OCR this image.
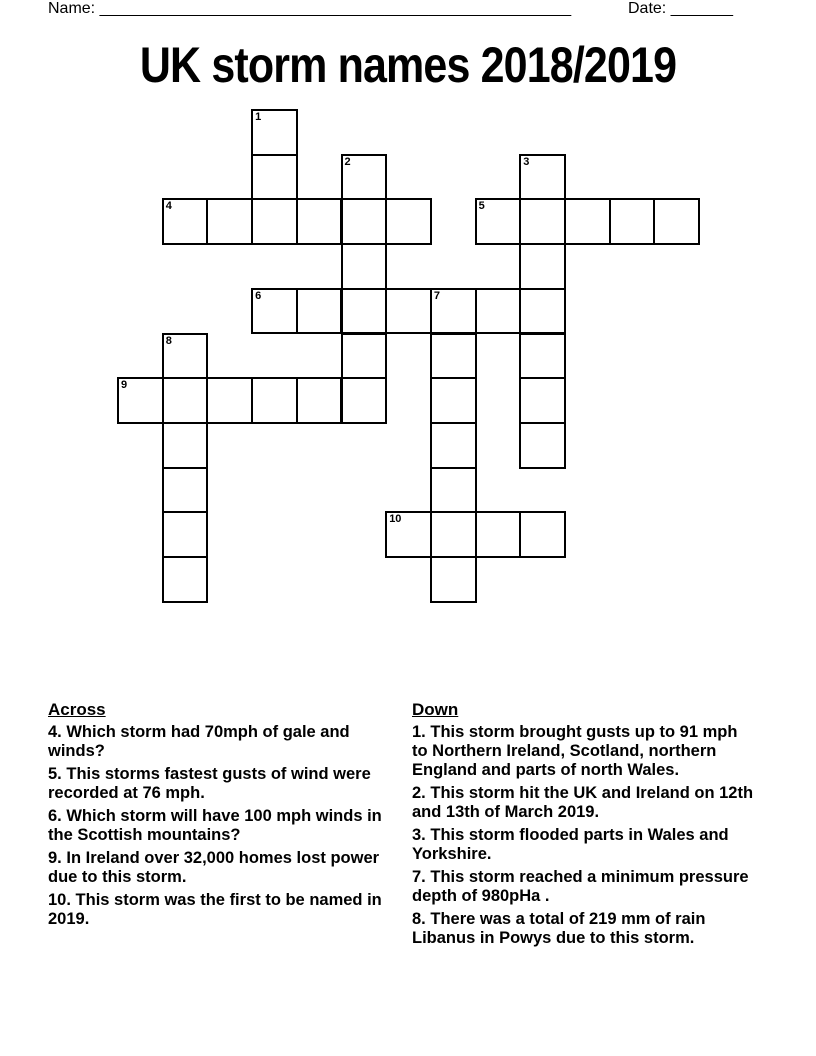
Name: _____________________________________________________	Date: _______
UK storm names 2018/2019
1
2	3
4	5
6	7
8
9
10
Across
4. Which storm had 70mph of gale and winds?
5. This storms fastest gusts of wind were recorded at 76 mph.
6. Which storm will have 100 mph winds in the Scottish mountains?
9. In Ireland over 32,000 homes lost power due to this storm.
10. This storm was the first to be named in 2019.
Down
1. This storm brought gusts up to 91 mph to Northern Ireland, Scotland, northern England and parts of north Wales.
2. This storm hit the UK and Ireland on 12th and 13th of March 2019.
3. This storm flooded parts in Wales and Yorkshire.
7. This storm reached a minimum pressure depth of 980pHa .
8. There was a total of 219 mm of rain Libanus in Powys due to this storm.
